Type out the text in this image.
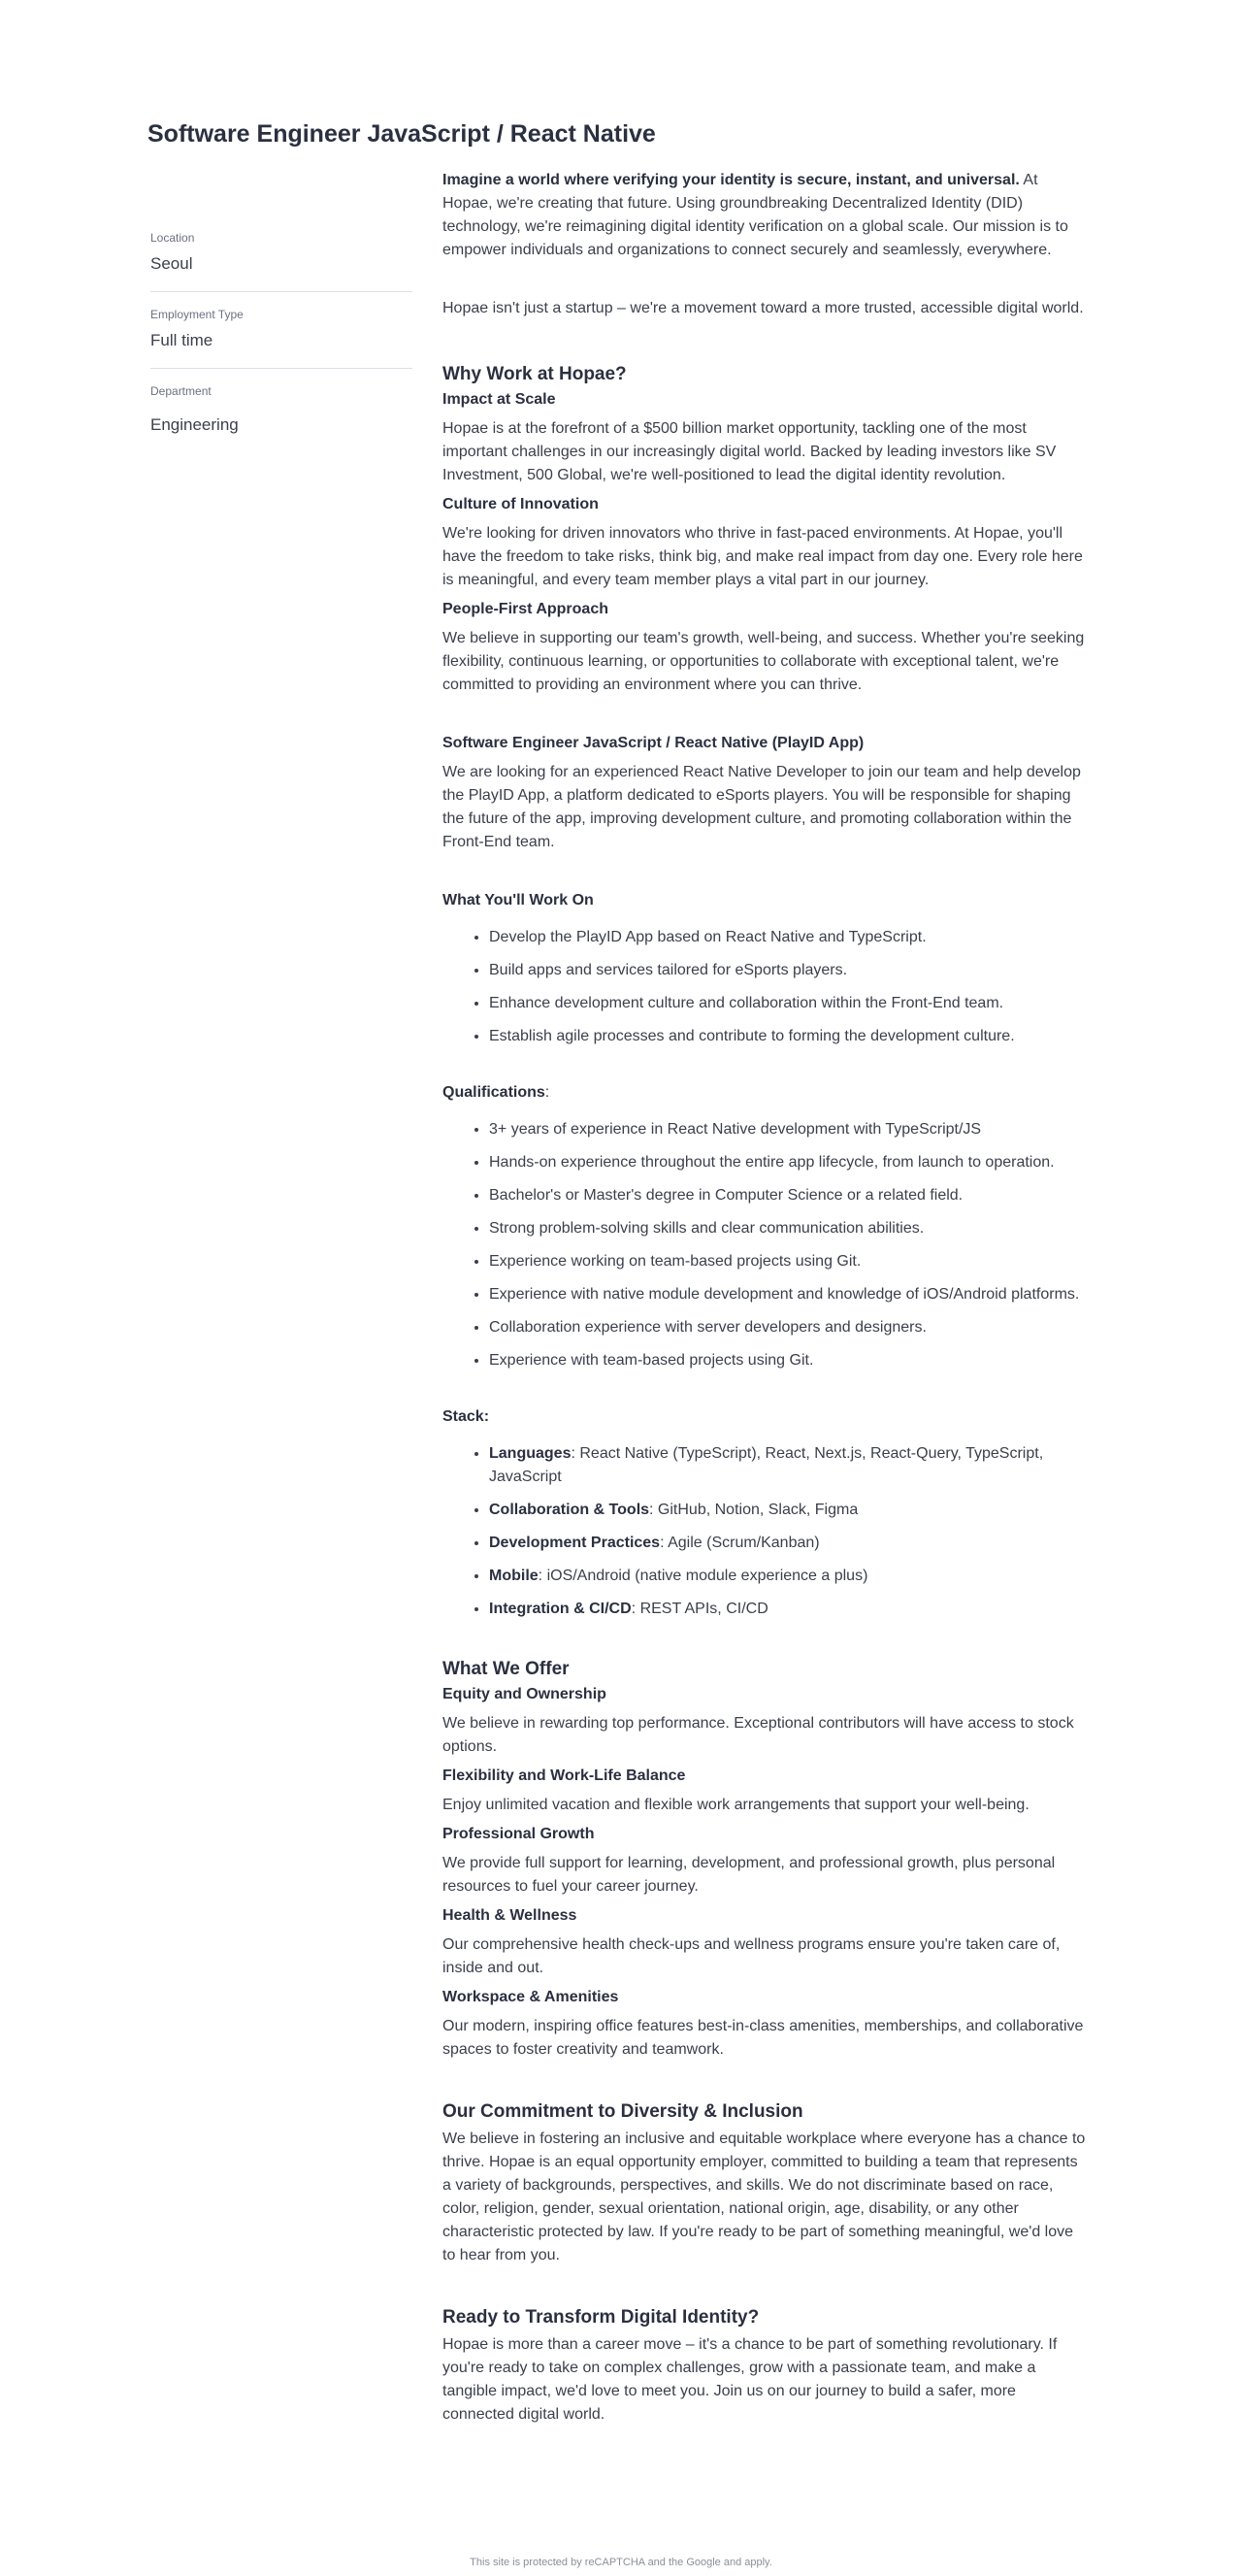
Software Engineer JavaScript / React Native

Location

Seoul

Employment Type

Full time

Department

Engineering

Imagine a world where verifying your identity is secure, instant, and universal. At Hopae, we're creating that future. Using groundbreaking Decentralized Identity (DID) technology, we're reimagining digital identity verification on a global scale. Our mission is to empower individuals and organizations to connect securely and seamlessly, everywhere.

Hopae isn't just a startup – we're a movement toward a more trusted, accessible digital world.

Why Work at Hopae?
Impact at Scale

Hopae is at the forefront of a $500 billion market opportunity, tackling one of the most important challenges in our increasingly digital world. Backed by leading investors like SV Investment, 500 Global, we're well-positioned to lead the digital identity revolution.

Culture of Innovation

We're looking for driven innovators who thrive in fast-paced environments. At Hopae, you'll have the freedom to take risks, think big, and make real impact from day one. Every role here is meaningful, and every team member plays a vital part in our journey.

People-First Approach

We believe in supporting our team's growth, well-being, and success. Whether you're seeking flexibility, continuous learning, or opportunities to collaborate with exceptional talent, we're committed to providing an environment where you can thrive.

Software Engineer JavaScript / React Native (PlayID App)

We are looking for an experienced React Native Developer to join our team and help develop the PlayID App, a platform dedicated to eSports players. You will be responsible for shaping the future of the app, improving development culture, and promoting collaboration within the Front-End team.

What You'll Work On
• Develop the PlayID App based on React Native and TypeScript.
• Build apps and services tailored for eSports players.
• Enhance development culture and collaboration within the Front-End team.
• Establish agile processes and contribute to forming the development culture.

Qualifications:

• 3+ years of experience in React Native development with TypeScript/JS
• Hands-on experience throughout the entire app lifecycle, from launch to operation.
• Bachelor's or Master's degree in Computer Science or a related field.
• Strong problem-solving skills and clear communication abilities.
• Experience working on team-based projects using Git.
• Experience with native module development and knowledge of iOS/Android platforms.
• Collaboration experience with server developers and designers.
• Experience with team-based projects using Git.
Stack:
• Languages: React Native (TypeScript), React, Next.js, React-Query, TypeScript, JavaScript
• Collaboration & Tools: GitHub, Notion, Slack, Figma
• Development Practices: Agile (Scrum/Kanban)
• Mobile: iOS/Android (native module experience a plus)
• Integration & CI/CD: REST APIs, CI/CD
What We Offer
Equity and Ownership

We believe in rewarding top performance. Exceptional contributors will have access to stock options.

Flexibility and Work-Life Balance

Enjoy unlimited vacation and flexible work arrangements that support your well-being.

Professional Growth

We provide full support for learning, development, and professional growth, plus personal resources to fuel your career journey.

Health & Wellness

Our comprehensive health check-ups and wellness programs ensure you're taken care of, inside and out.

Workspace & Amenities

Our modern, inspiring office features best-in-class amenities, memberships, and collaborative spaces to foster creativity and teamwork.

Our Commitment to Diversity & Inclusion

We believe in fostering an inclusive and equitable workplace where everyone has a chance to thrive. Hopae is an equal opportunity employer, committed to building a team that represents a variety of backgrounds, perspectives, and skills. We do not discriminate based on race, color, religion, gender, sexual orientation, national origin, age, disability, or any other characteristic protected by law. If you're ready to be part of something meaningful, we'd love to hear from you.

Ready to Transform Digital Identity?

Hopae is more than a career move – it's a chance to be part of something revolutionary. If you're ready to take on complex challenges, grow with a passionate team, and make a tangible impact, we'd love to meet you. Join us on our journey to build a safer, more connected digital world.

This site is protected by reCAPTCHA and the Google and apply.
